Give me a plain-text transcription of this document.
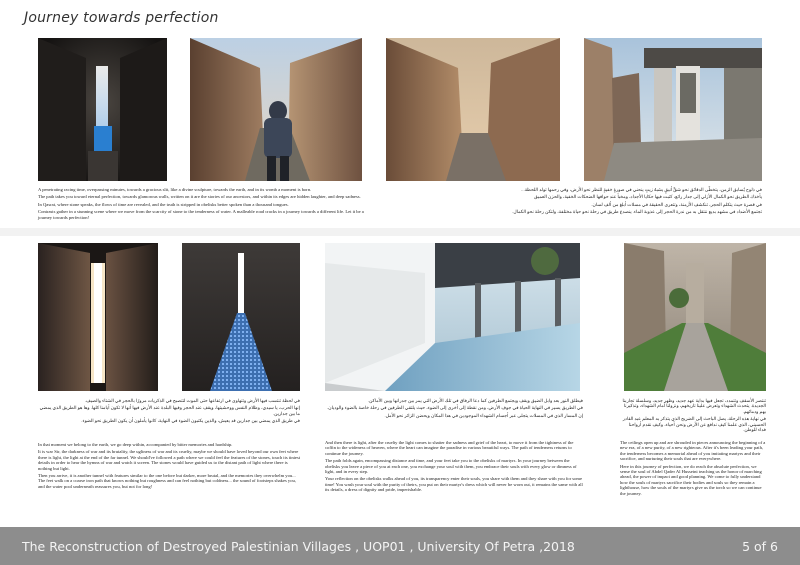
Journey towards perfection

A penetrating racing time, overpassing minutes, towards a gracious slit, like a divine sculpture, towards the earth, and in its womb a moment is born.

The path takes you toward eternal perfection, towards glamorous walls, written on it are the stories of our ancestors, and within its edges are hidden laughter, and deep sadness.

In Qasrat, where stone speaks, the flows of time are revealed, and the truth is stripped in obelisks better spoken than a thousand tongues.

Contrasts gather in a stunning scene where we move from the scarcity of stone to the tenderness of water. A malleable road cracks in a journey towards a different life. Let it be a journey towards perfection!

في ذلوح يُسابق الزمن، يتخطّى الدقائق نحو شقٍّ أنيقٍ يشبهُ زيتٍ ينحني في صورةٍ خفيةٍ للنظر نحو الأرض، وفي رحمها تولد اللحظة...

يأخذك الطريق نحو الكمال الأزلي إلى جدار رائع، كتبت فيها حكايا الأجداد، ومخبأ عند حوافها الضحكات الخفية، والحزن العميق

في قصرة حيث يتكلم الحجر، تنكشف الأزمنة، وتتعرى الحقيقة في مسلات أبلغ من ألف لسان.

تجتمع الأضداد في مشهد بديع ننتقل به من ندرة الحجر إلى عذوبة الماء. ينصدع طريق في رحلة نحو حياة مختلفة، ولتكن رحلة نحو الكمال.

في لحظة تنتسب فيها الأرض وتتهاوى في ارتفاعها حتى الموت لتتصبح في الذكريات مرورًا بالحجر في الشتاء والصيف.

إنها الحرب، يا سيدي، وظلام النفس ووحشيتها، ويقف عند الحجر وفيها البلدة عند الأرض فيها أنها لا تكون أيامنا كلها. وها هو الطريق الذي يمضي ما بين جدارين.

في طريق الذي يمضي بين جدارين قد يعيش، والذين يكتبون الضوء في النهاية، كانوا يأملون أن يكون الطريق نحو الضوء.

In that moment we belong to the earth, we go deep within, accompanied by bitter memories and hardship.

It is war Sir, the darkness of war and its brutality, the ugliness of war and its cruelty, maybe we should have loved beyond our own feet where there is light, the light at the end of the far tunnel. We should've followed a path where we could feel the features of the stones, touch its tiniest details in order to hear the hymns of war and watch it screen. The stones would have guided us to the distant path of light where there is nothing but light.

Then you arrive, it is another tunnel with features similar to the one before but darker, more brutal, and the memories they overwhelm you... The feet walk on a coarse iron path that knows nothing but roughness and can feel nothing but coldness... the sound of footsteps shakes you, and the water pool underneath reassures you, but not for long!

فيطلق النور بعد وابل الضيق ويقف ويجتمع الطرفين كما دعا الرفاق في تلك الأرض التي يمر بين جدرانها وبين الأماكن.

في الطريق يسير في النهاية الحياة في جوف الأرض، ومن نقطة إلى أخرى إلى الضوء، حيث يلتقي الطرفين في رحلة خاصة بالضوء والوديان.

إن المسار الذي في المسلات يتجلى عبر أجسام الشهداء الموجودين في هذا المكان ويحضن الزائر نحو الأمل.

And then there is light, after the cruelty the light comes to shatter the sadness and grief of the heart, to move it from the tightness of the coffin to the wideness of heaven, where the heart can imagine the paradise in various beautiful ways. The path of tenderness returns to continue the journey.

The path folds again, encompassing distance and time, and your feet take you to the obelisks of martyrs. In your journey between the obelisks you leave a piece of you at each one, you exchange your soul with them, you embrace their souls with every glow or dimness of light, and in every step.

Your reflection on the obelisks walks ahead of you, its transparency enter their souls, you share with them and they share with you for some time! You wash your soul with the purity of theirs, you put on their martyr's dress which will never be worn out, it remains the same with all its details, a dress of dignity and pride, imperishable.

تنتصر الأسقف وتتمدد، تجعل فيها بداية عهد جديد، وظهر جديد، وسلسلة تجاربنا الجديدة. يتحدث الشهداء وتعرض علينا تاريخهم، ونزولنا أمام الشهداء، وتذكيرنا بهم ودمائهم.

في نهاية هذه الرحلة، يصل الباحث إلى الضريح الذي يتذكر به المعلم عبد القادر الحسيني، الذي علمنا كيف ندافع عن الأرض ونحن أحياء، وكيف نقدم أرواحنا فداء للوطن.

The ceilings open up and are shrouded in pieces announcing the beginning of a new era, of a new purity, of a new righteous. After it's been leading your path, the tenderness becomes a memorial ahead of you imitating martyrs and their sacrifice, and nurturing their souls that are everywhere.

Here in this journey of perfection, we do reach the absolute perfection, we sense the soul of Abdel Qader Al Husseini teaching us the honor of marching ahead, the power of impact and good planning. We come to fully understand how the souls of martyrs sacrifice their bodies and souls so they remain a lighthouse, how the souls of the martyrs give us the torch so we can continue the journey.

The Reconstruction of Destroyed Palestinian Villages , UOP01 , University Of Petra ,2018	5 of 6
